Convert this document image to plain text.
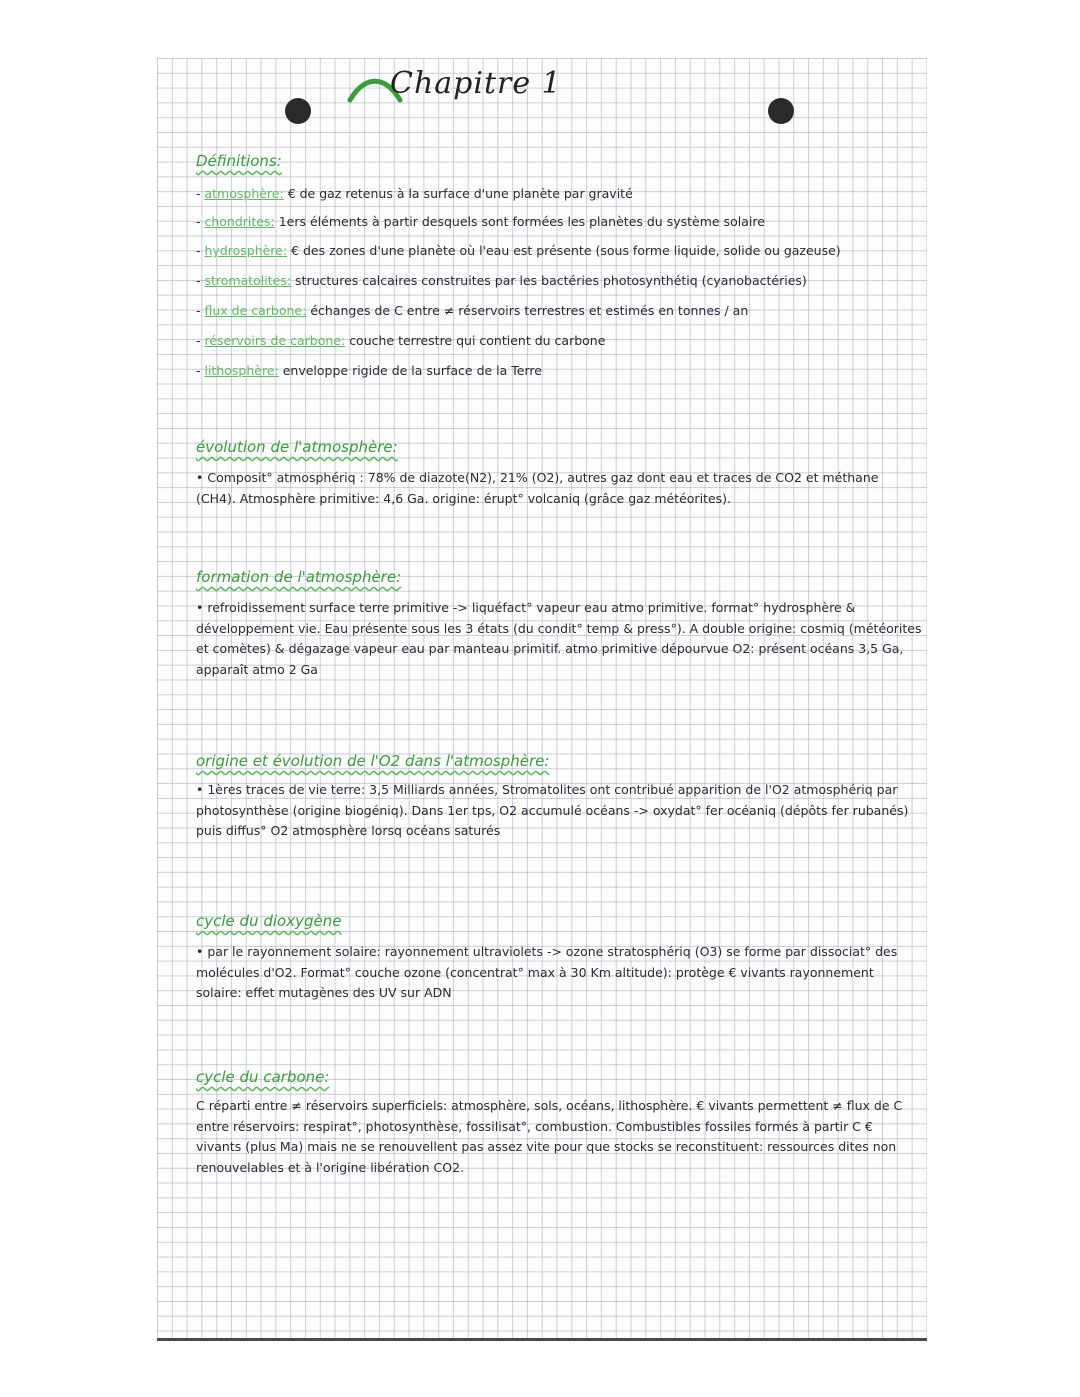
Chapitre 1
Définitions:
- atmosphère: € de gaz retenus à la surface d'une planète par gravité
- chondrites: 1ers éléments à partir desquels sont formées les planètes du système solaire
- hydrosphère: € des zones d'une planète où l'eau est présente (sous forme liquide, solide ou gazeuse)
- stromatolites: structures calcaires construites par les bactéries photosynthétiq (cyanobactéries)
- flux de carbone: échanges de C entre ≠ réservoirs terrestres et estimés en tonnes / an
- réservoirs de carbone: couche terrestre qui contient du carbone
- lithosphère: enveloppe rigide de la surface de la Terre
évolution de l'atmosphère:
• Composit° atmosphériq : 78% de diazote(N2), 21% (O2), autres gaz dont eau et traces de CO2 et méthane (CH4). Atmosphère primitive: 4,6 Ga. origine: érupt° volcaniq (grâce gaz météorites).
formation de l'atmosphère:
• refroidissement surface terre primitive -> liquéfact° vapeur eau atmo primitive. format° hydrosphère & développement vie. Eau présente sous les 3 états (du condit° temp & press°). A double origine: cosmiq (météorites et comètes) & dégazage vapeur eau par manteau primitif. atmo primitive dépourvue O2: présent océans 3,5 Ga, apparaît atmo 2 Ga
origine et évolution de l'O2 dans l'atmosphère:
• 1ères traces de vie terre: 3,5 Milliards années, Stromatolites ont contribué apparition de l'O2 atmosphériq par photosynthèse (origine biogéniq). Dans 1er tps, O2 accumulé océans -> oxydat° fer océaniq (dépôts fer rubanés) puis diffus° O2 atmosphère lorsq océans saturés
cycle du dioxygène
• par le rayonnement solaire: rayonnement ultraviolets -> ozone stratosphériq (O3) se forme par dissociat° des molécules d'O2. Format° couche ozone (concentrat° max à 30 Km altitude): protège € vivants rayonnement solaire: effet mutagènes des UV sur ADN
cycle du carbone:
C réparti entre ≠ réservoirs superficiels: atmosphère, sols, océans, lithosphère. € vivants permettent ≠ flux de C entre réservoirs: respirat°, photosynthèse, fossilisat°, combustion. Combustibles fossiles formés à partir C € vivants (plus Ma) mais ne se renouvellent pas assez vite pour que stocks se reconstituent: ressources dites non renouvelables et à l'origine libération CO2.
